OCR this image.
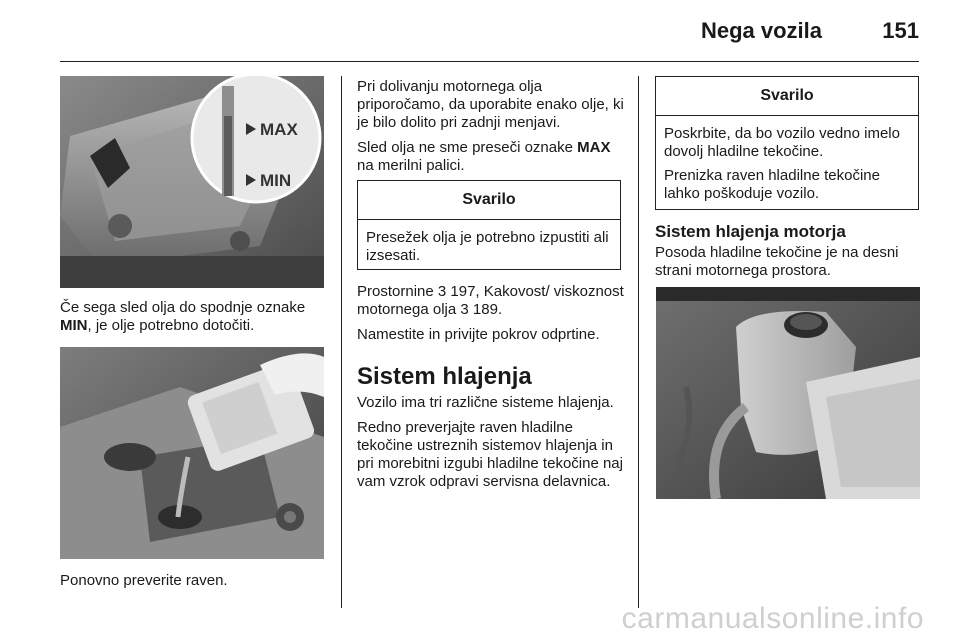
Nega vozila	151
MAX
MIN
Če sega sled olja do spodnje oznake MIN, je olje potrebno dotočiti.
Ponovno preverite raven.

Pri dolivanju motornega olja priporočamo, da uporabite enako olje, ki je bilo dolito pri zadnji menjavi.

Sled olja ne sme preseči oznake MAX na merilni palici.

Svarilo

Presežek olja je potrebno izpustiti ali izsesati.

Prostornine 3 197, Kakovost/ viskoznost motornega olja 3 189.

Namestite in privijte pokrov odprtine.

Sistem hlajenja

Vozilo ima tri različne sisteme hlajenja.

Redno preverjajte raven hladilne tekočine ustreznih sistemov hlajenja in pri morebitni izgubi hladilne tekočine naj vam vzrok odpravi servisna delavnica.

Svarilo

Poskrbite, da bo vozilo vedno imelo dovolj hladilne tekočine.

Prenizka raven hladilne tekočine lahko poškoduje vozilo.

Sistem hlajenja motorja
Posoda hladilne tekočine je na desni strani motornega prostora.
carmanualsonline.info
